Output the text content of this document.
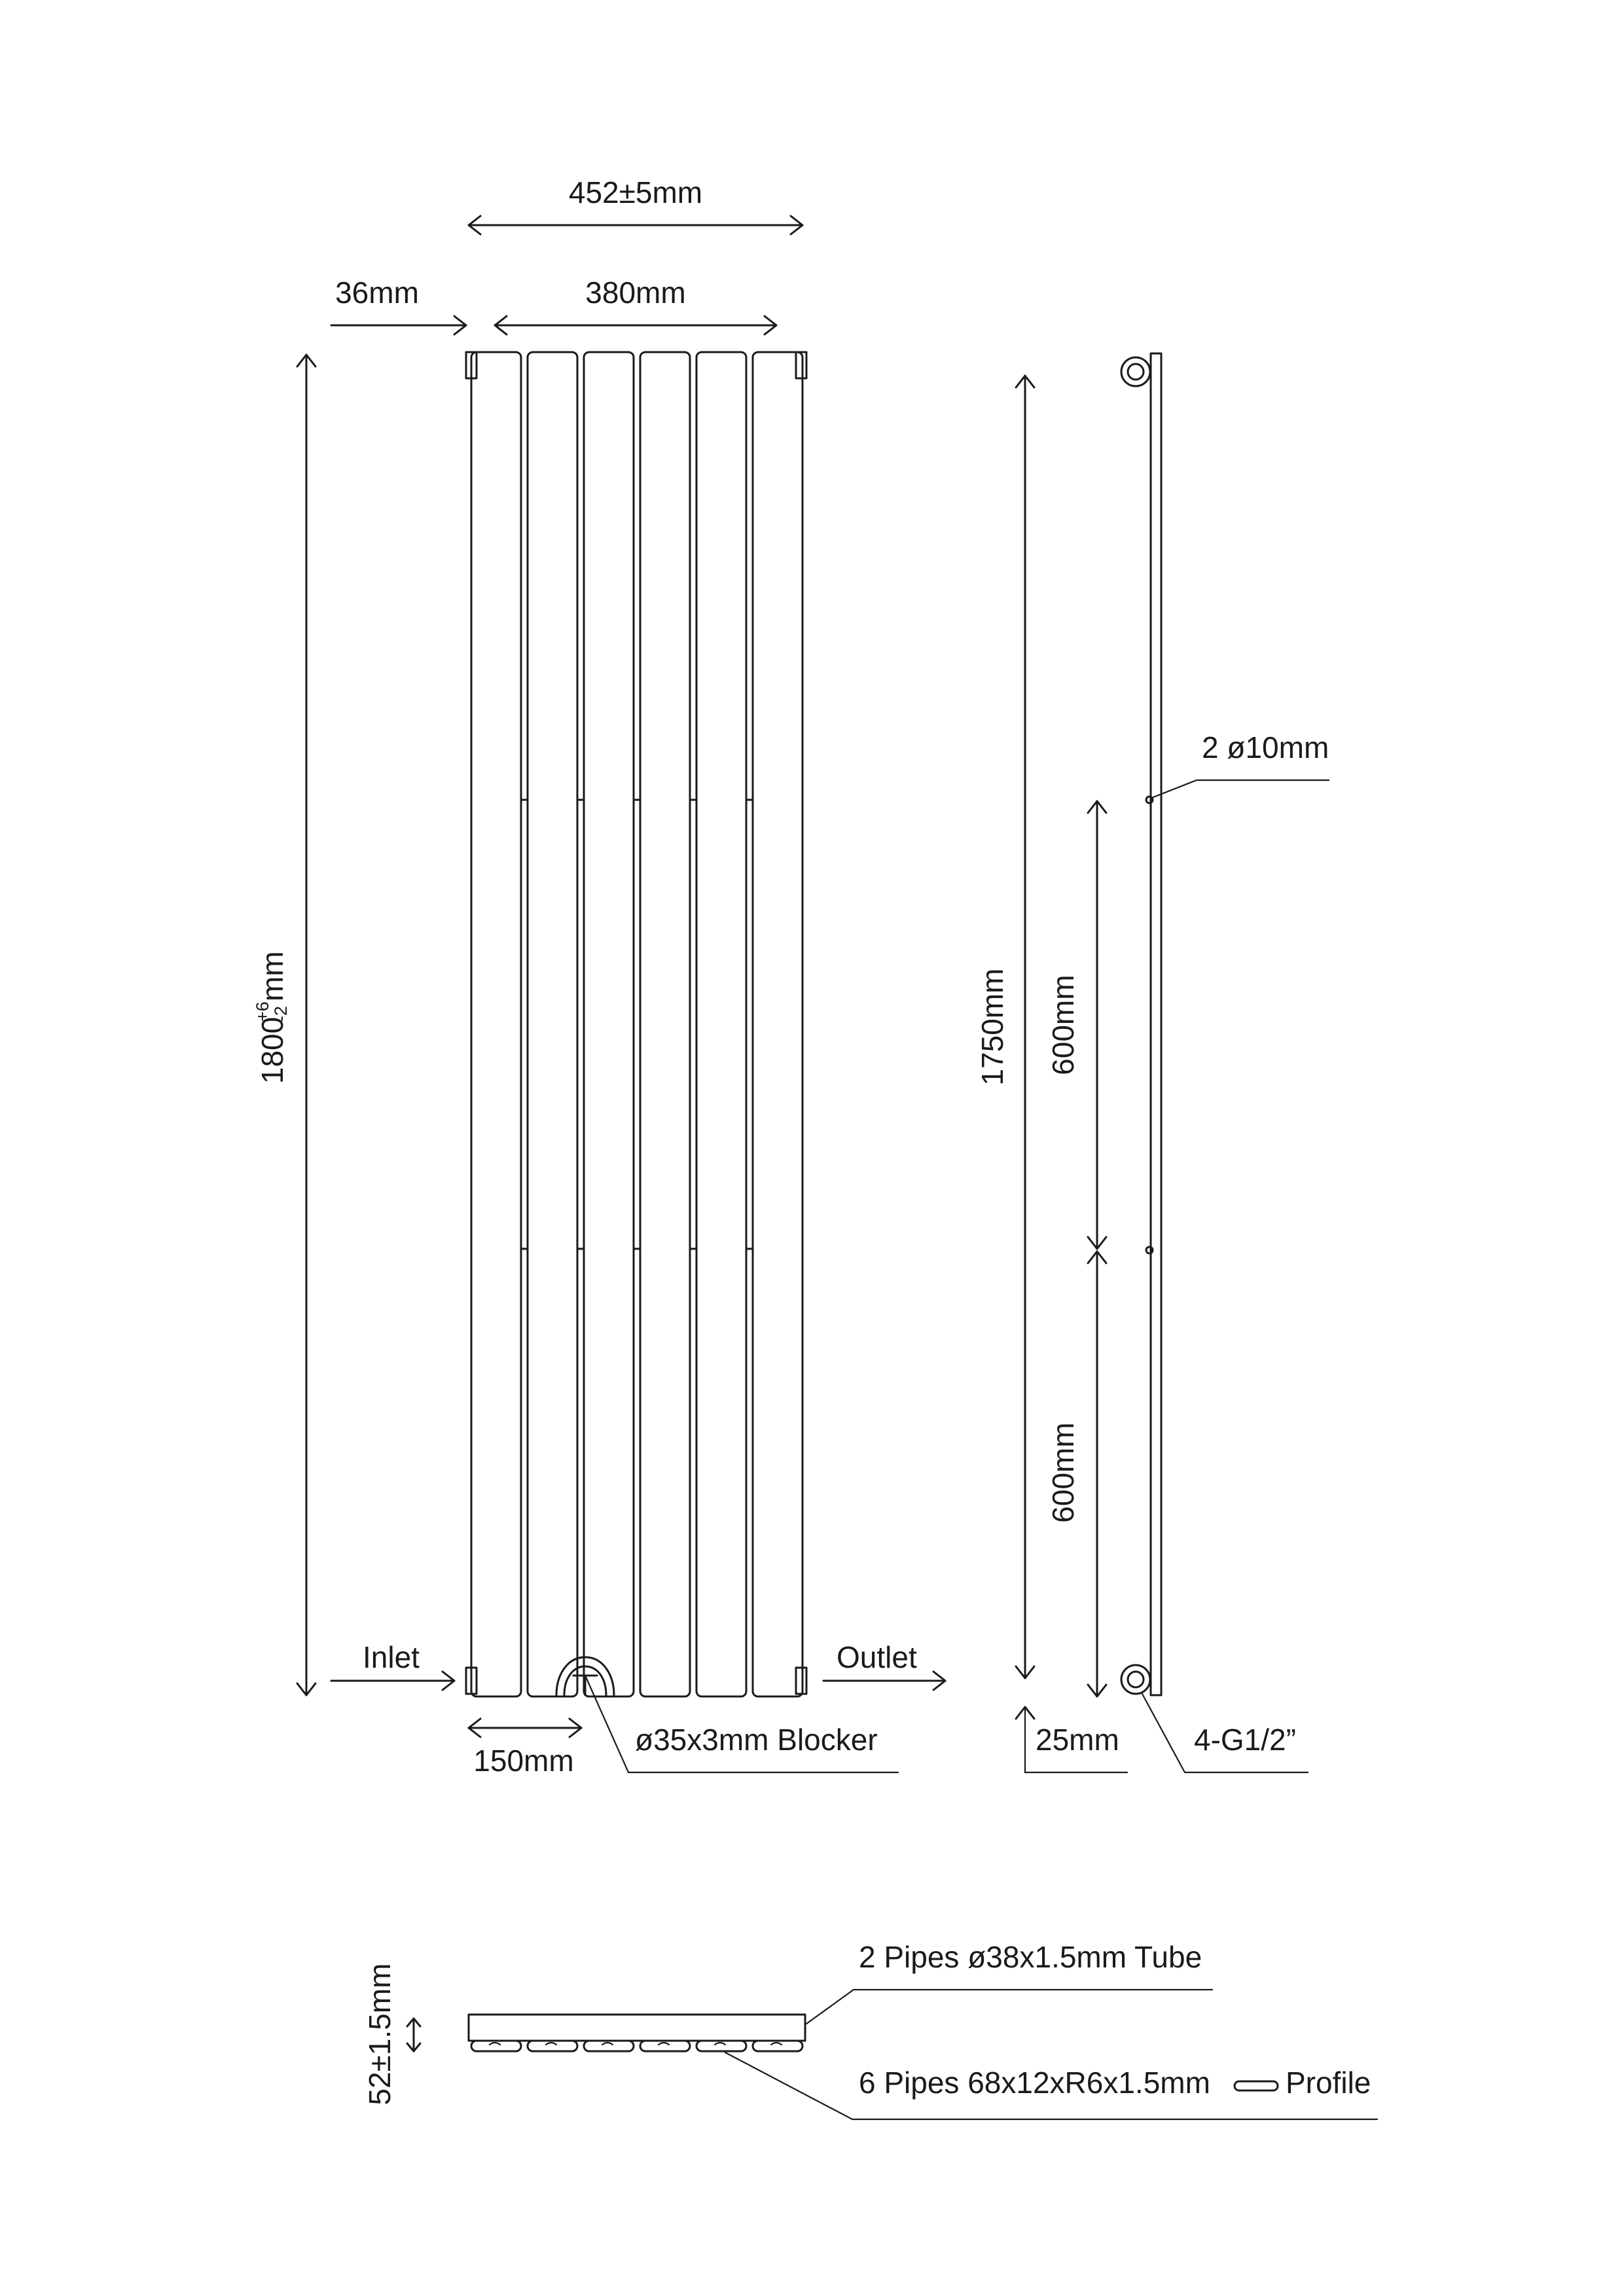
452±5mm
36mm	380mm
1800
+6
-2
mm
Inlet	Outlet
150mm
ø35x3mm Blocker
2 ø10mm
1750mm 600mm
600mm
25mm 4-G1/2”
52±1.5mm
2 Pipes ø38x1.5mm Tube
6 Pipes 68x12xR6x1.5mm	Profile
